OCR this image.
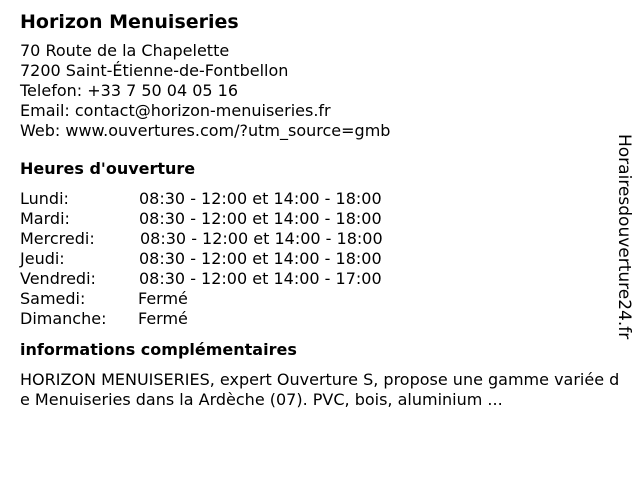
Horizon Menuiseries
70 Route de la Chapelette
7200 Saint-Étienne-de-Fontbellon
Telefon: +33 7 50 04 05 16
Email: contact@horizon-menuiseries.fr
Web: www.ouvertures.com/?utm_source=gmb
Heures d'ouverture
Lundi:	08:30 - 12:00 et 14:00 - 18:00
Mardi:	08:30 - 12:00 et 14:00 - 18:00
Mercredi:	08:30 - 12:00 et 14:00 - 18:00
Jeudi:	08:30 - 12:00 et 14:00 - 18:00
Vendredi:	08:30 - 12:00 et 14:00 - 17:00
Samedi:	Fermé
Dimanche: Fermé
informations complémentaires

HORIZON MENUISERIES, expert Ouverture S, propose une gamme variée de Menuiseries dans la Ardèche (07). PVC, bois, aluminium ...

Horairesdouverture24.fr
